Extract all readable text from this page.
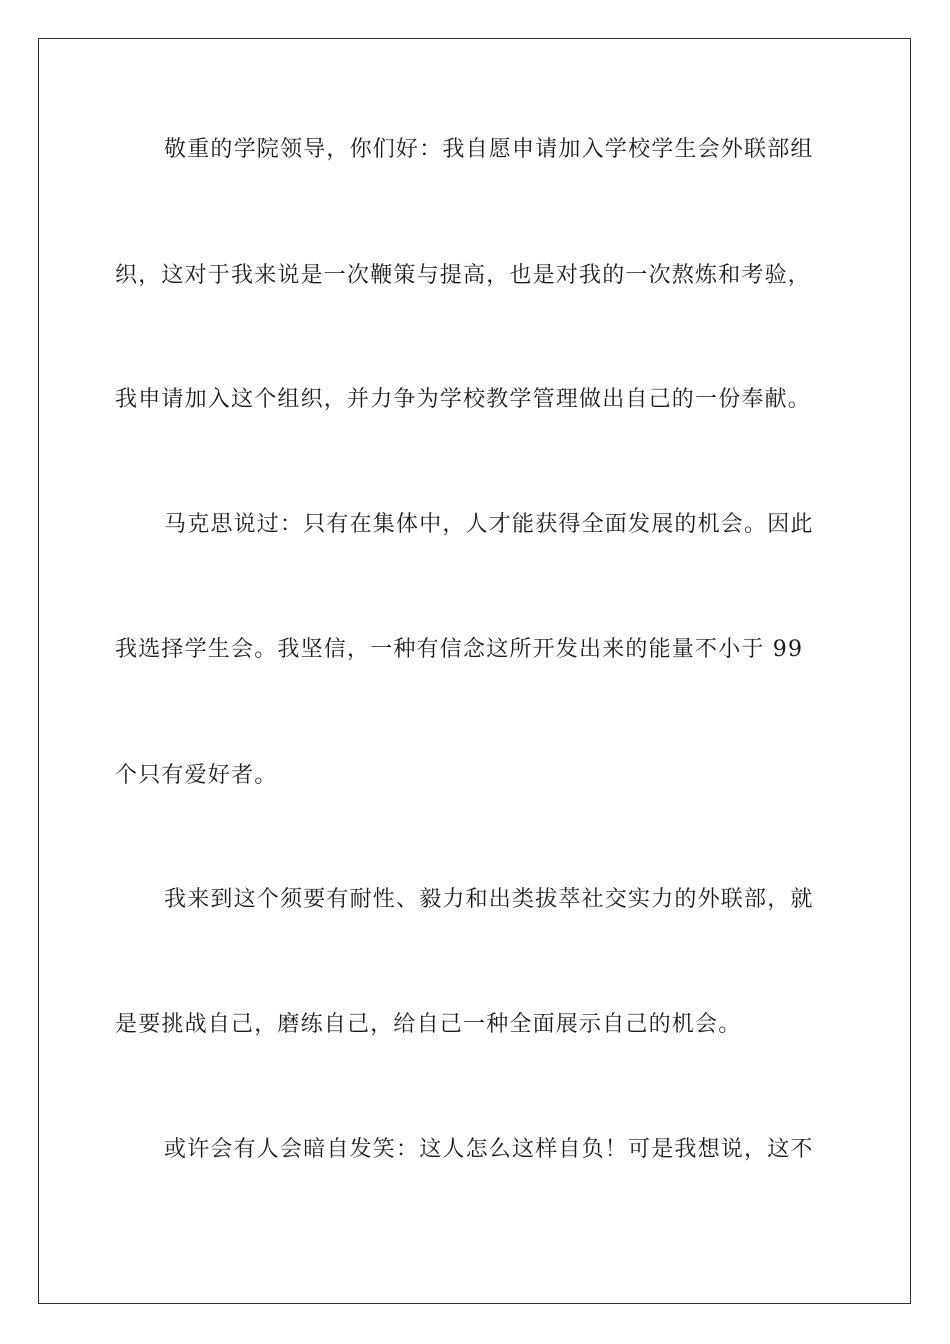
敬重的学院领导，你们好：我自愿申请加入学校学生会外联部组
织，这对于我来说是一次鞭策与提高，也是对我的一次熬炼和考验，
我申请加入这个组织，并力争为学校教学管理做出自己的一份奉献。
马克思说过：只有在集体中，人才能获得全面发展的机会。因此
我选择学生会。我坚信，一种有信念这所开发出来的能量不小于 99
个只有爱好者。
我来到这个须要有耐性、毅力和出类拔萃社交实力的外联部，就
是要挑战自己，磨练自己，给自己一种全面展示自己的机会。
或许会有人会暗自发笑：这人怎么这样自负！可是我想说，这不
